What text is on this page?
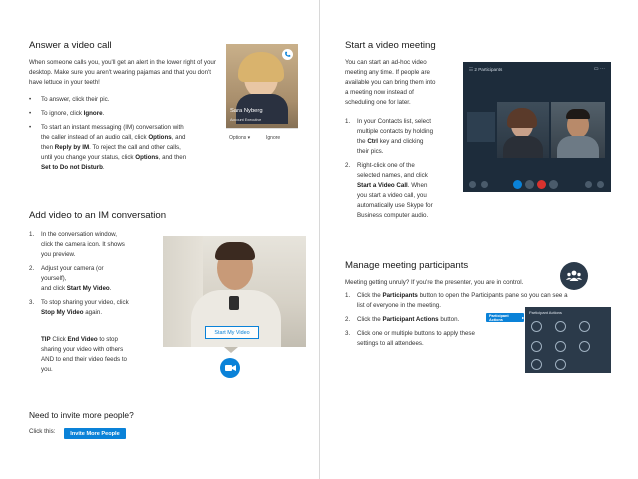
Answer a video call
When someone calls you, you'll get an alert in the lower right of your desktop. Make sure you aren't wearing pajamas and that you don't have lettuce in your teeth!
• To answer, click their pic.
• To ignore, click Ignore.
• To start an instant messaging (IM) conversation with
the caller instead of an audio call, click Options, and
then Reply by IM. To reject the call and other calls,
until you change your status, click Options, and then
Set to Do not Disturb.
Sara Nyberg
Account Executive
Options ▾	Ignore
Add video to an IM conversation
1. In the conversation window,
click the camera icon. It shows
you preview.
2. Adjust your camera (or
yourself),
and click Start My Video.
3. To stop sharing your video, click
Stop My Video again.
TIP Click End Video to stop
sharing your video with others
AND to end their video feeds to
you.
Start My Video
Need to invite more people?
Click this:	Invite More People
Start a video meeting
You can start an ad-hoc video
meeting any time. If people are
available you can bring them into
a meeting now instead of
scheduling one for later.
1. In your Contacts list, select
multiple contacts by holding
the Ctrl key and clicking
their pics.
2. Right-click one of the
selected names, and click
Start a Video Call. When
you start a video call, you
automatically use Skype for
Business computer audio.
☷ 2 Participants	▭ ⋯
Manage meeting participants
Meeting getting unruly? If you're the presenter, you are in control.
1. Click the Participants button to open the Participants pane so you can see a
list of everyone in the meeting.
2. Click the Participant Actions button.
3. Click one or multiple buttons to apply these
settings to all attendees.
Participant Actions	▸
Participant Actions
